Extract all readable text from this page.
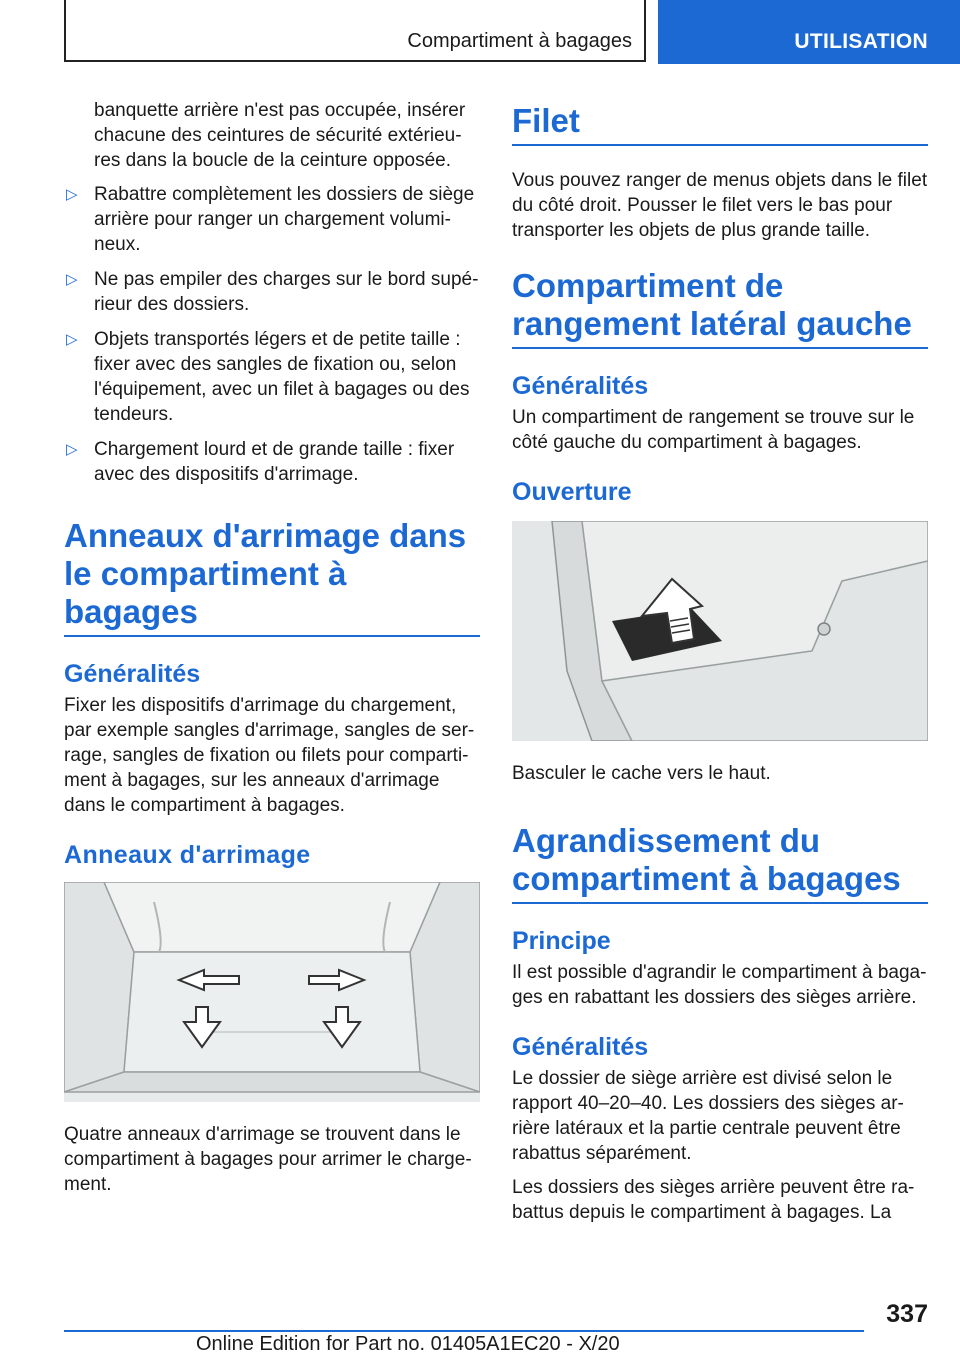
Compartiment à bagages	UTILISATION

banquette arrière n'est pas occupée, insérer chacune des ceintures de sécurité extérieures dans la boucle de la ceinture opposée.

▷ Rabattre complètement les dossiers de siège arrière pour ranger un chargement volumineux.
▷ Ne pas empiler des charges sur le bord supérieur des dossiers.
▷ Objets transportés légers et de petite taille : fixer avec des sangles de fixation ou, selon l'équipement, avec un filet à bagages ou des tendeurs.
▷ Chargement lourd et de grande taille : fixer avec des dispositifs d'arrimage.
Anneaux d'arrimage dans le compartiment à bagages
Généralités

Fixer les dispositifs d'arrimage du chargement, par exemple sangles d'arrimage, sangles de serrage, sangles de fixation ou filets pour compartiment à bagages, sur les anneaux d'arrimage dans le compartiment à bagages.

Anneaux d'arrimage

Quatre anneaux d'arrimage se trouvent dans le compartiment à bagages pour arrimer le chargement.

Filet

Vous pouvez ranger de menus objets dans le filet du côté droit. Pousser le filet vers le bas pour transporter les objets de plus grande taille.

Compartiment de rangement latéral gauche
Généralités

Un compartiment de rangement se trouve sur le côté gauche du compartiment à bagages.

Ouverture

Basculer le cache vers le haut.

Agrandissement du compartiment à bagages
Principe

Il est possible d'agrandir le compartiment à bagages en rabattant les dossiers des sièges arrière.

Généralités

Le dossier de siège arrière est divisé selon le rapport 40–20–40. Les dossiers des sièges arrière latéraux et la partie centrale peuvent être rabattus séparément.

Les dossiers des sièges arrière peuvent être rabattus depuis le compartiment à bagages. La

337
Online Edition for Part no. 01405A1EC20 - X/20
